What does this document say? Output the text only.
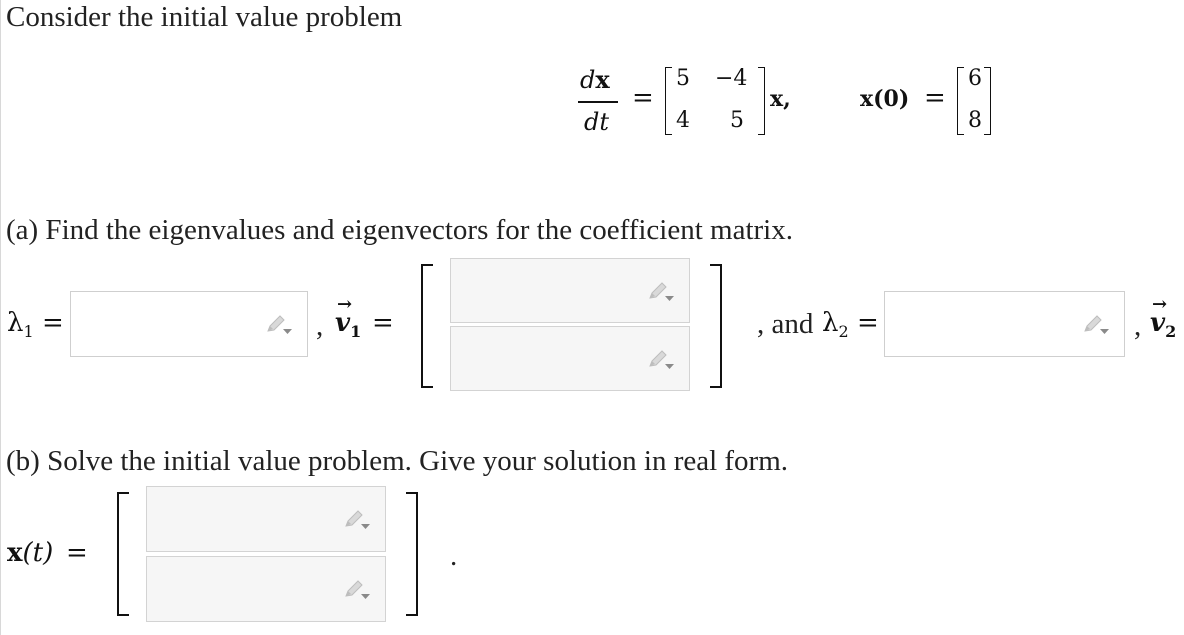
Consider the initial value problem
dx
dt
=
5 −4
4 5
x,	x(0) =
6
8
(a) Find the eigenvalues and eigenvectors for the coefficient matrix.
$\lambda_1$ =	,
→
$v_1$ =	, and $\lambda_2$ =	,
→
$v_2$
(b) Solve the initial value problem. Give your solution in real form.
x(t) =	.
